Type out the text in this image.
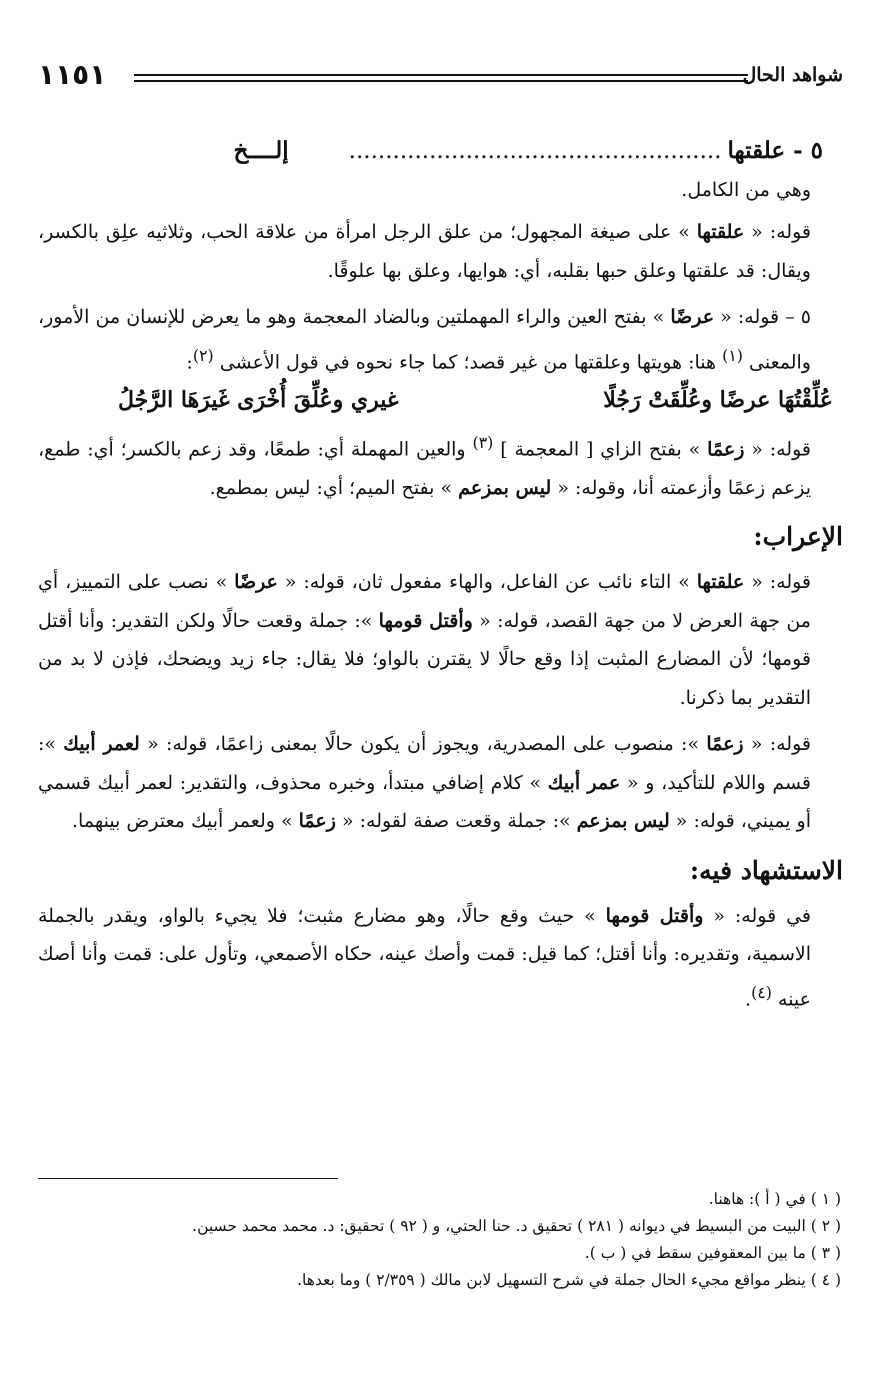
شواهد الحال
١١٥١

٥ - علقتها...................................................إلــــخ

وهي من الكامل.

قوله: « علقتها » على صيغة المجهول؛ من علق الرجل امرأة من علاقة الحب، وثلاثيه علِق بالكسر، ويقال: قد علقتها وعلق حبها بقلبه، أي: هوايها، وعلق بها علوقًا.

٥ – قوله: « عرضًا » بفتح العين والراء المهملتين وبالضاد المعجمة وهو ما يعرض للإنسان من الأمور، والمعنى $^{(١)}$ هنا: هويتها وعلقتها من غير قصد؛ كما جاء نحوه في قول الأعشى $^{(٢)}$:

عُلِّقْتُهَا عرضًا وعُلِّقَتْ رَجُلًا
غيري وعُلِّقَ أُخْرَى غَيرَهَا الرَّجُلُ

قوله: « زعمًا » بفتح الزاي [ المعجمة ] $^{(٣)}$ والعين المهملة أي: طمعًا، وقد زعم بالكسر؛ أي: طمع، يزعم زعمًا وأزعمته أنا، وقوله: « ليس بمزعم » بفتح الميم؛ أي: ليس بمطمع.

الإعراب:

قوله: « علقتها » التاء نائب عن الفاعل، والهاء مفعول ثان، قوله: « عرضًا » نصب على التمييز، أي من جهة العرض لا من جهة القصد، قوله: « وأقتل قومها »: جملة وقعت حالًا ولكن التقدير: وأنا أقتل قومها؛ لأن المضارع المثبت إذا وقع حالًا لا يقترن بالواو؛ فلا يقال: جاء زيد ويضحك، فإذن لا بد من التقدير بما ذكرنا.

قوله: « زعمًا »: منصوب على المصدرية، ويجوز أن يكون حالًا بمعنى زاعمًا، قوله: « لعمر أبيك »: قسم واللام للتأكيد، و « عمر أبيك » كلام إضافي مبتدأ، وخبره محذوف، والتقدير: لعمر أبيك قسمي أو يميني، قوله: « ليس بمزعم »: جملة وقعت صفة لقوله: « زعمًا » ولعمر أبيك معترض بينهما.

الاستشهاد فيه:

في قوله: « وأقتل قومها » حيث وقع حالًا، وهو مضارع مثبت؛ فلا يجيء بالواو، ويقدر بالجملة الاسمية، وتقديره: وأنا أقتل؛ كما قيل: قمت وأصك عينه، حكاه الأصمعي، وتأول على: قمت وأنا أصك عينه $^{(٤)}$.

( ١ ) في ( أ ): هاهنا.

( ٢ ) البيت من البسيط في ديوانه ( ٢٨١ ) تحقيق د. حنا الحتي، و ( ٩٢ ) تحقيق: د. محمد محمد حسين.

( ٣ ) ما بين المعقوفين سقط في ( ب ).

( ٤ ) ينظر مواقع مجيء الحال جملة في شرح التسهيل لابن مالك ( ٢/٣٥٩ ) وما بعدها.
